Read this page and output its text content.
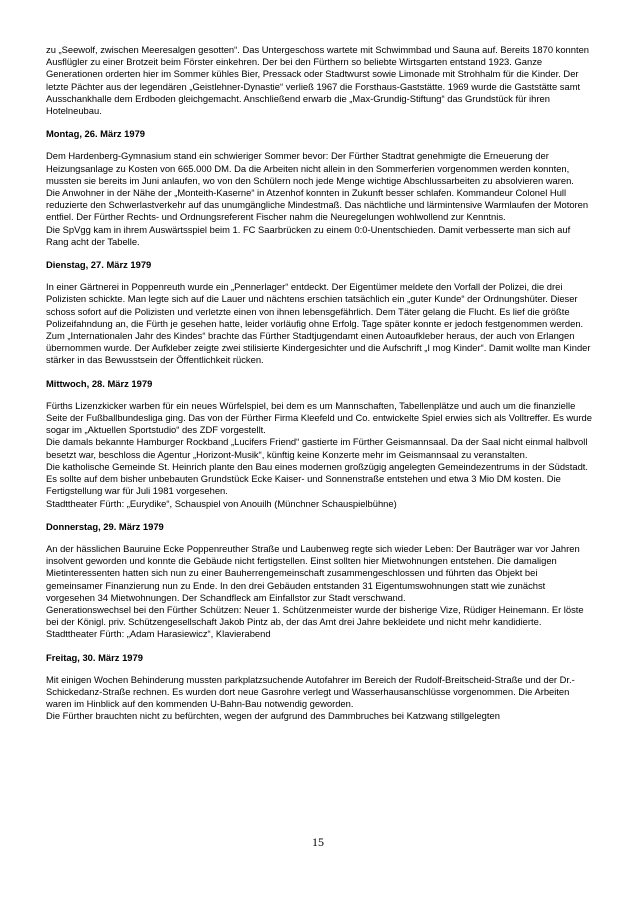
zu „Seewolf, zwischen Meeresalgen gesotten“. Das Untergeschoss wartete mit Schwimmbad und Sauna auf. Bereits 1870 konnten Ausflügler zu einer Brotzeit beim Förster einkehren. Der bei den Fürthern so beliebte Wirtsgarten entstand 1923. Ganze Generationen orderten hier im Sommer kühles Bier, Pressack oder Stadtwurst sowie Limonade mit Strohhalm für die Kinder. Der letzte Pächter aus der legendären „Geistlehner-Dynastie“ verließ 1967 die Forsthaus-Gaststätte. 1969 wurde die Gaststätte samt Ausschankhalle dem Erdboden gleichgemacht. Anschließend erwarb die „Max-Grundig-Stiftung“ das Grundstück für ihren Hotelneubau.

Montag, 26. März 1979

Dem Hardenberg-Gymnasium stand ein schwieriger Sommer bevor: Der Fürther Stadtrat genehmigte die Erneuerung der Heizungsanlage zu Kosten von 665.000 DM. Da die Arbeiten nicht allein in den Sommerferien vorgenommen werden konnten, mussten sie bereits im Juni anlaufen, wo von den Schülern noch jede Menge wichtige Abschlussarbeiten zu absolvieren waren.

Die Anwohner in der Nähe der „Monteith-Kaserne“ in Atzenhof konnten in Zukunft besser schlafen. Kommandeur Colonel Hull reduzierte den Schwerlastverkehr auf das unumgängliche Mindestmaß. Das nächtliche und lärmintensive Warmlaufen der Motoren entfiel. Der Fürther Rechts- und Ordnungsreferent Fischer nahm die Neuregelungen wohlwollend zur Kenntnis.

Die SpVgg kam in ihrem Auswärtsspiel beim 1. FC Saarbrücken zu einem 0:0-Unentschieden. Damit verbesserte man sich auf Rang acht der Tabelle.

Dienstag, 27. März 1979

In einer Gärtnerei in Poppenreuth wurde ein „Pennerlager“ entdeckt. Der Eigentümer meldete den Vorfall der Polizei, die drei Polizisten schickte. Man legte sich auf die Lauer und nächtens erschien tatsächlich ein „guter Kunde“ der Ordnungshüter. Dieser schoss sofort auf die Polizisten und verletzte einen von ihnen lebensgefährlich. Dem Täter gelang die Flucht. Es lief die größte Polizeifahndung an, die Fürth je gesehen hatte, leider vorläufig ohne Erfolg. Tage später konnte er jedoch festgenommen werden.

Zum „Internationalen Jahr des Kindes“ brachte das Fürther Stadtjugendamt einen Autoaufkleber heraus, der auch von Erlangen übernommen wurde. Der Aufkleber zeigte zwei stilisierte Kindergesichter und die Aufschrift „I mog Kinder“. Damit wollte man Kinder stärker in das Bewusstsein der Öffentlichkeit rücken.

Mittwoch, 28. März 1979

Fürths Lizenzkicker warben für ein neues Würfelspiel, bei dem es um Mannschaften, Tabellenplätze und auch um die finanzielle Seite der Fußballbundesliga ging. Das von der Fürther Firma Kleefeld und Co. entwickelte Spiel erwies sich als Volltreffer. Es wurde sogar im „Aktuellen Sportstudio“ des ZDF vorgestellt.

Die damals bekannte Hamburger Rockband „Lucifers Friend“ gastierte im Fürther Geismannsaal. Da der Saal nicht einmal halbvoll besetzt war, beschloss die Agentur „Horizont-Musik“, künftig keine Konzerte mehr im Geismannsaal zu veranstalten.

Die katholische Gemeinde St. Heinrich plante den Bau eines modernen großzügig angelegten Gemeindezentrums in der Südstadt. Es sollte auf dem bisher unbebauten Grundstück Ecke Kaiser- und Sonnenstraße entstehen und etwa 3 Mio DM kosten. Die Fertigstellung war für Juli 1981 vorgesehen.

Stadttheater Fürth: „Eurydike“, Schauspiel von Anouilh (Münchner Schauspielbühne)

Donnerstag, 29. März 1979

An der hässlichen Bauruine Ecke Poppenreuther Straße und Laubenweg regte sich wieder Leben: Der Bauträger war vor Jahren insolvent geworden und konnte die Gebäude nicht fertigstellen. Einst sollten hier Mietwohnungen entstehen. Die damaligen Mietinteressenten hatten sich nun zu einer Bauherrengemeinschaft zusammengeschlossen und führten das Objekt bei gemeinsamer Finanzierung nun zu Ende. In den drei Gebäuden entstanden 31 Eigentumswohnungen statt wie zunächst vorgesehen 34 Mietwohnungen. Der Schandfleck am Einfallstor zur Stadt verschwand.

Generationswechsel bei den Fürther Schützen: Neuer 1. Schützenmeister wurde der bisherige Vize, Rüdiger Heinemann. Er löste bei der Königl. priv. Schützengesellschaft Jakob Pintz ab, der das Amt drei Jahre bekleidete und nicht mehr kandidierte.

Stadttheater Fürth: „Adam Harasiewicz“, Klavierabend

Freitag, 30. März 1979

Mit einigen Wochen Behinderung mussten parkplatzsuchende Autofahrer im Bereich der Rudolf-Breitscheid-Straße und der Dr.-Schickedanz-Straße rechnen. Es wurden dort neue Gasrohre verlegt und Wasserhausanschlüsse vorgenommen. Die Arbeiten waren im Hinblick auf den kommenden U-Bahn-Bau notwendig geworden.

Die Fürther brauchten nicht zu befürchten, wegen der aufgrund des Dammbruches bei Katzwang stillgelegten

15
